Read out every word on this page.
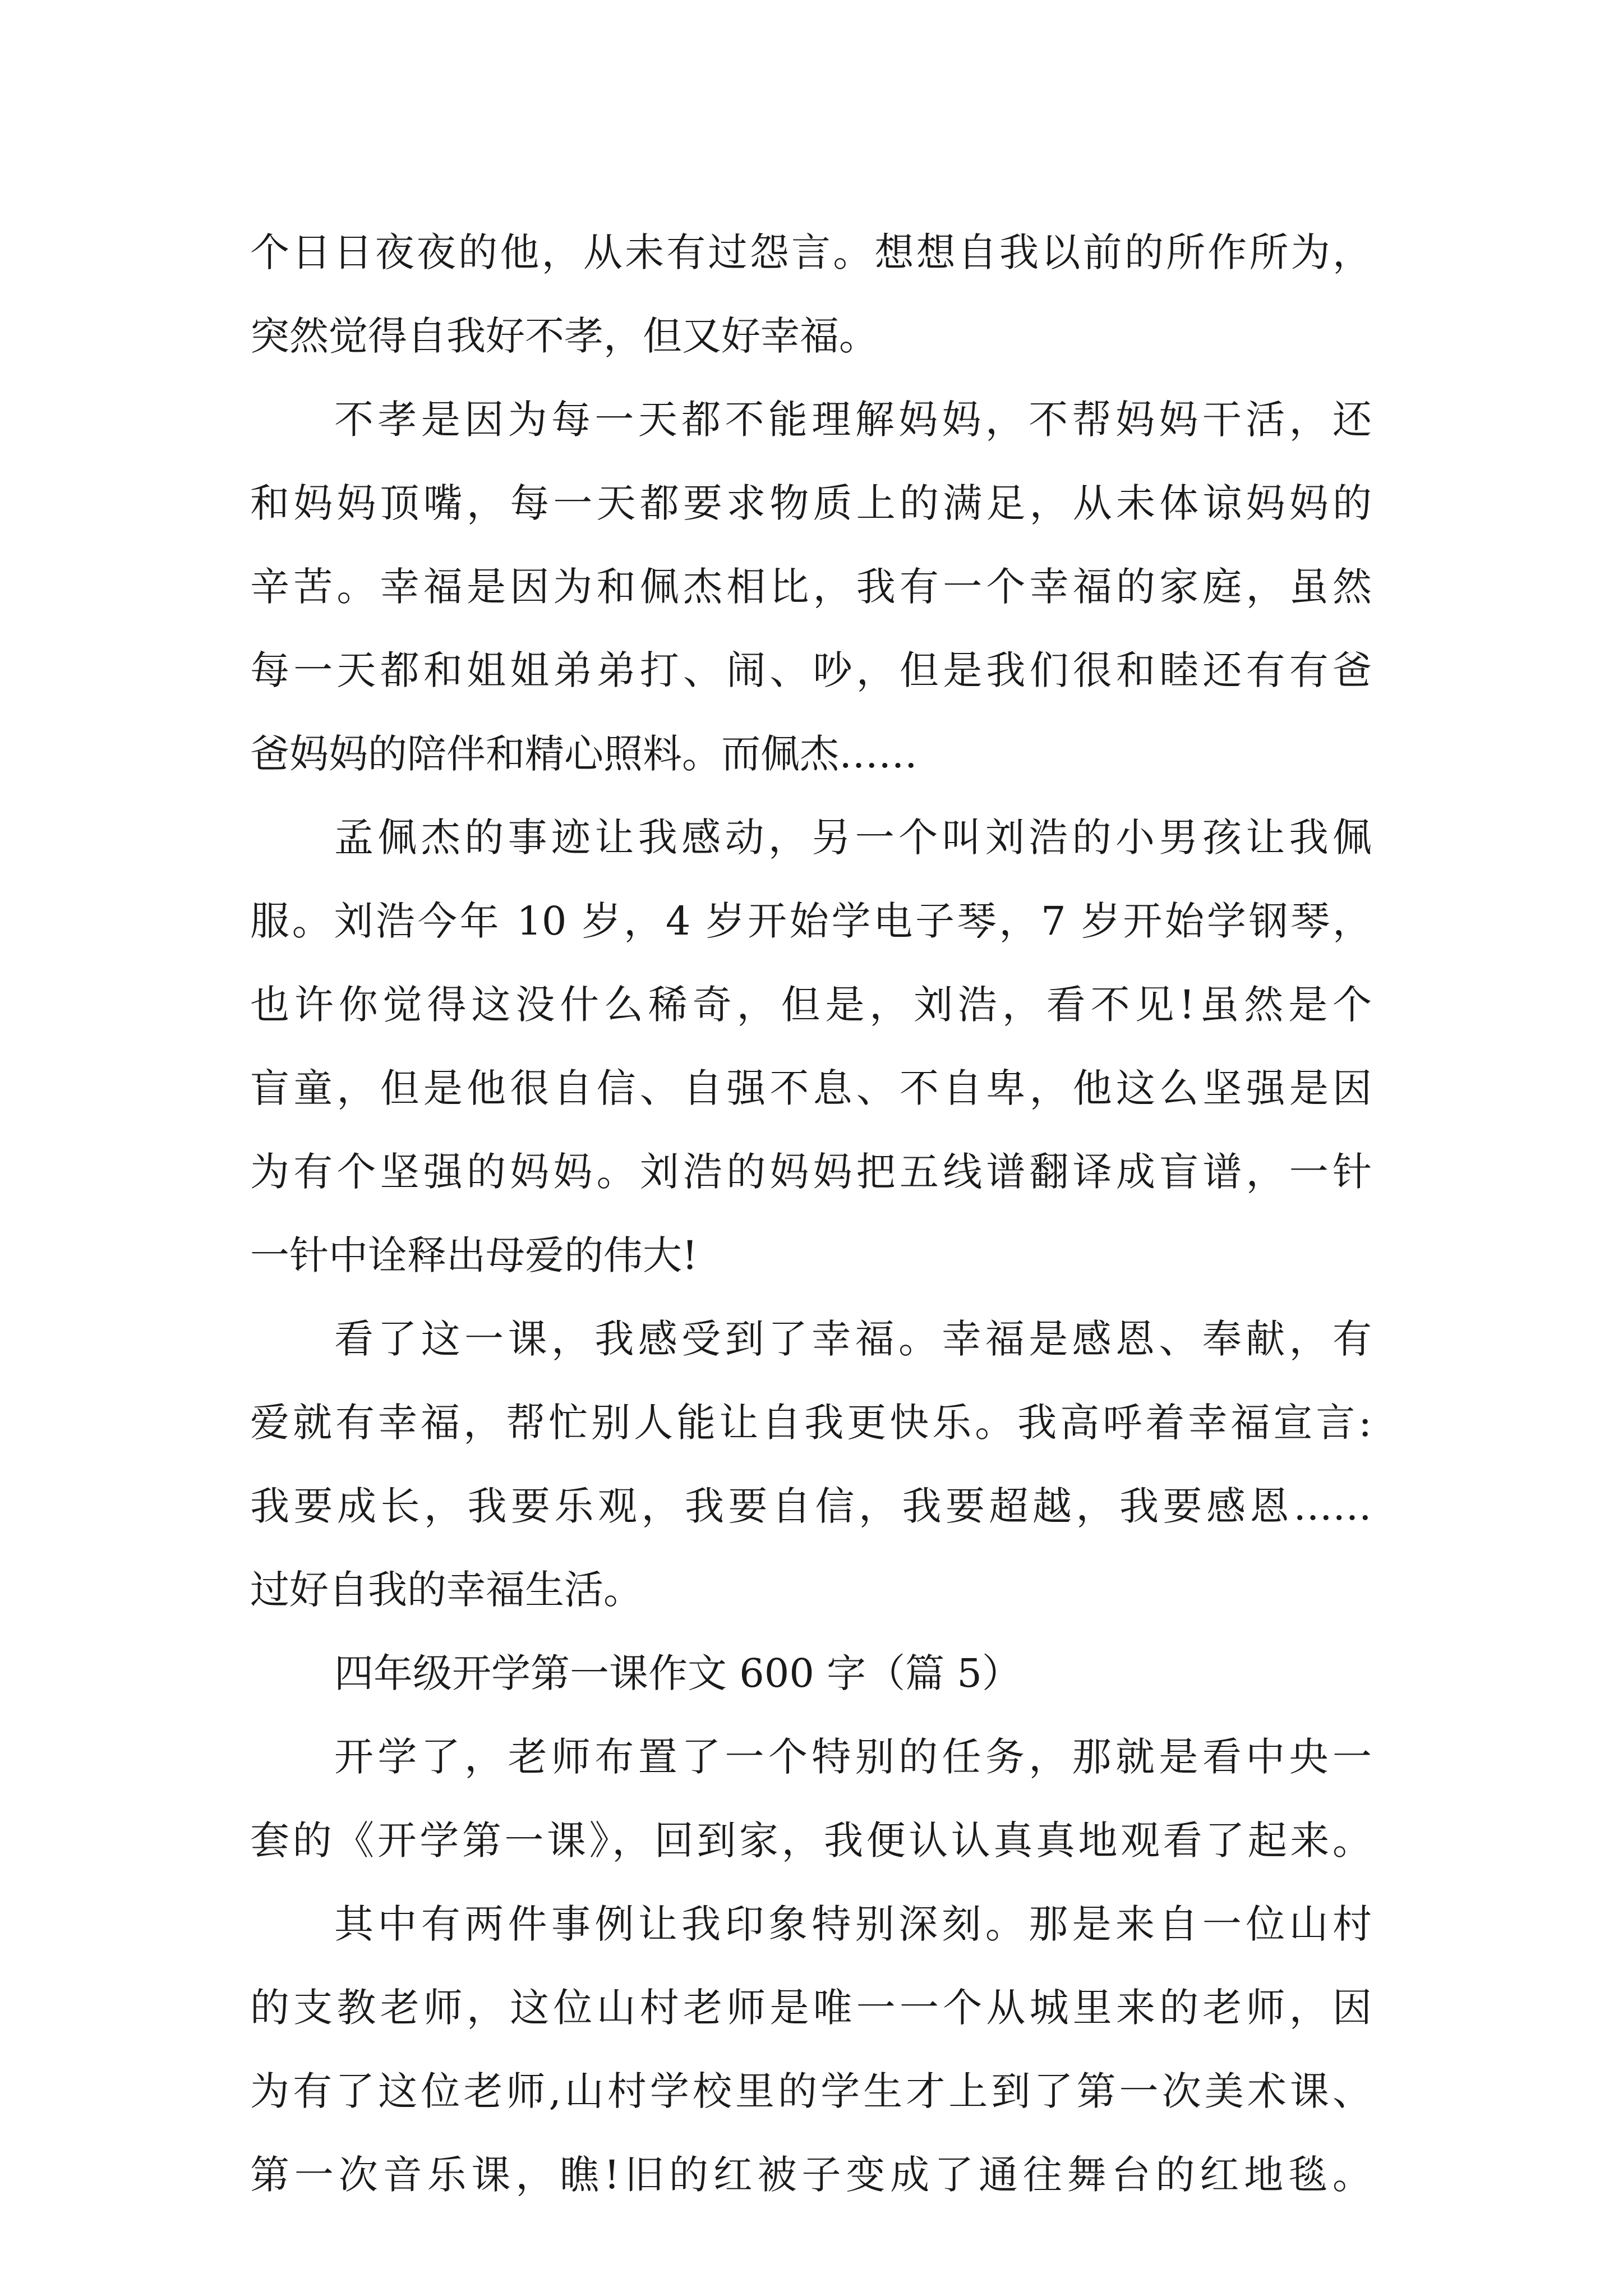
个日日夜夜的他，从未有过怨言。想想自我以前的所作所为，
突然觉得自我好不孝，但又好幸福。
不孝是因为每一天都不能理解妈妈，不帮妈妈干活，还
和妈妈顶嘴，每一天都要求物质上的满足，从未体谅妈妈的
辛苦。幸福是因为和佩杰相比，我有一个幸福的家庭，虽然
每一天都和姐姐弟弟打、闹、吵，但是我们很和睦还有有爸
爸妈妈的陪伴和精心照料。而佩杰……
孟佩杰的事迹让我感动，另一个叫刘浩的小男孩让我佩
服。刘浩今年 10 岁，4 岁开始学电子琴，7 岁开始学钢琴，
也许你觉得这没什么稀奇，但是，刘浩，看不见!虽然是个
盲童，但是他很自信、自强不息、不自卑，他这么坚强是因
为有个坚强的妈妈。刘浩的妈妈把五线谱翻译成盲谱，一针
一针中诠释出母爱的伟大!
看了这一课，我感受到了幸福。幸福是感恩、奉献，有
爱就有幸福，帮忙别人能让自我更快乐。我高呼着幸福宣言:
我要成长，我要乐观，我要自信，我要超越，我要感恩……
过好自我的幸福生活。
四年级开学第一课作文 600 字（篇 5）
开学了，老师布置了一个特别的任务，那就是看中央一
套的《开学第一课》，回到家，我便认认真真地观看了起来。
其中有两件事例让我印象特别深刻。那是来自一位山村
的支教老师，这位山村老师是唯一一个从城里来的老师，因
为有了这位老师,山村学校里的学生才上到了第一次美术课、
第一次音乐课，瞧!旧的红被子变成了通往舞台的红地毯。
